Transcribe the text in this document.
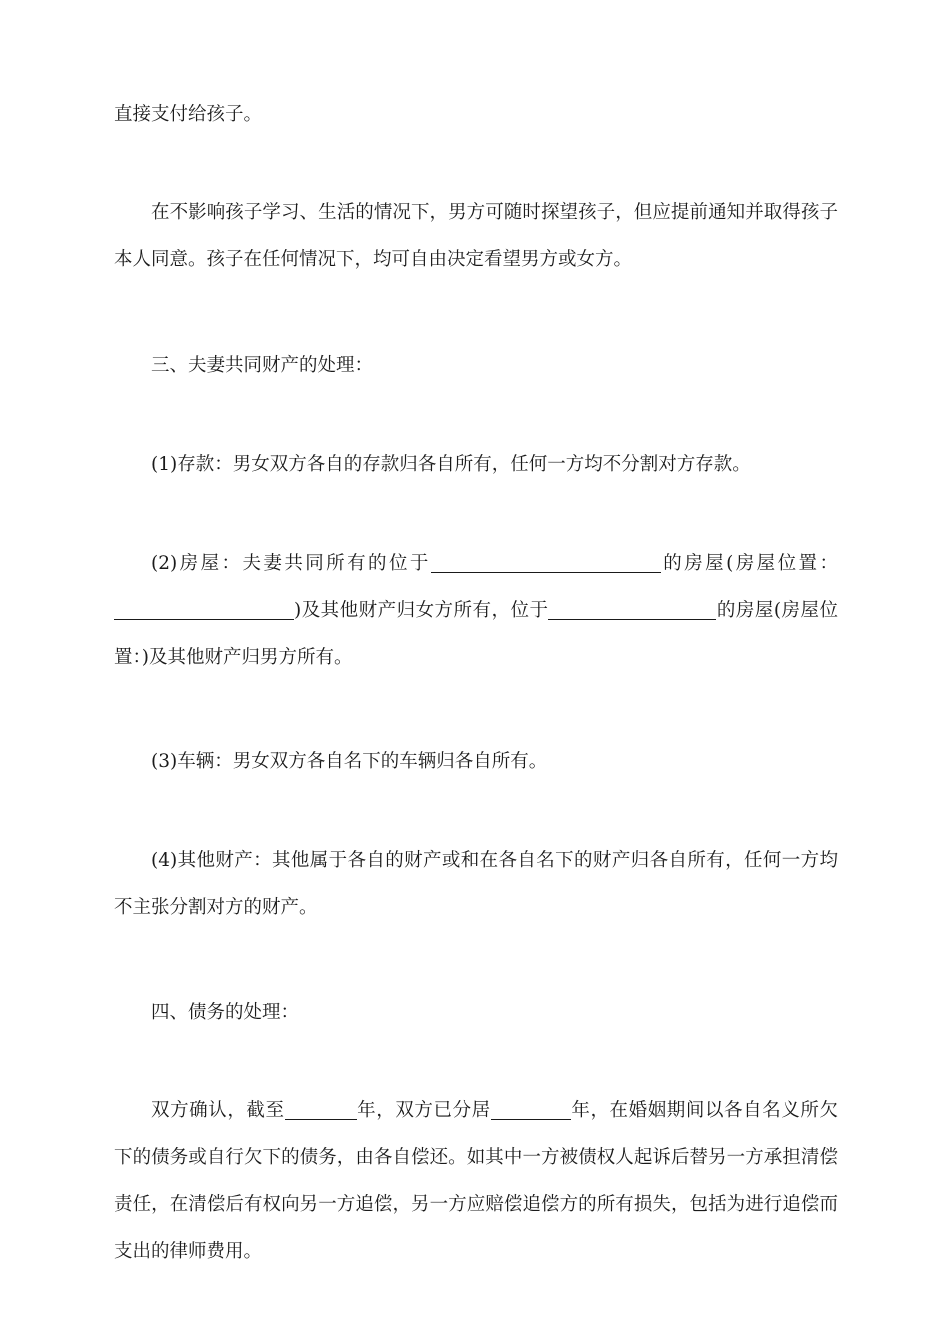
直接支付给孩子。

在不影响孩子学习、生活的情况下，男方可随时探望孩子，但应提前通知并取得孩子本人同意。孩子在任何情况下，均可自由决定看望男方或女方。

三、夫妻共同财产的处理：

(1)存款：男女双方各自的存款归各自所有，任何一方均不分割对方存款。

(2)房屋：夫妻共同所有的位于	的房屋(房屋位置：)及其他财产归女方所有，位于	的房屋(房屋位置：)及其他财产归男方所有。

(3)车辆：男女双方各自名下的车辆归各自所有。

(4)其他财产：其他属于各自的财产或和在各自名下的财产归各自所有，任何一方均不主张分割对方的财产。

四、债务的处理：

双方确认，截至	年，双方已分居	年，在婚姻期间以各自名义所欠下的债务或自行欠下的债务，由各自偿还。如其中一方被债权人起诉后替另一方承担清偿责任，在清偿后有权向另一方追偿，另一方应赔偿追偿方的所有损失，包括为进行追偿而支出的律师费用。
